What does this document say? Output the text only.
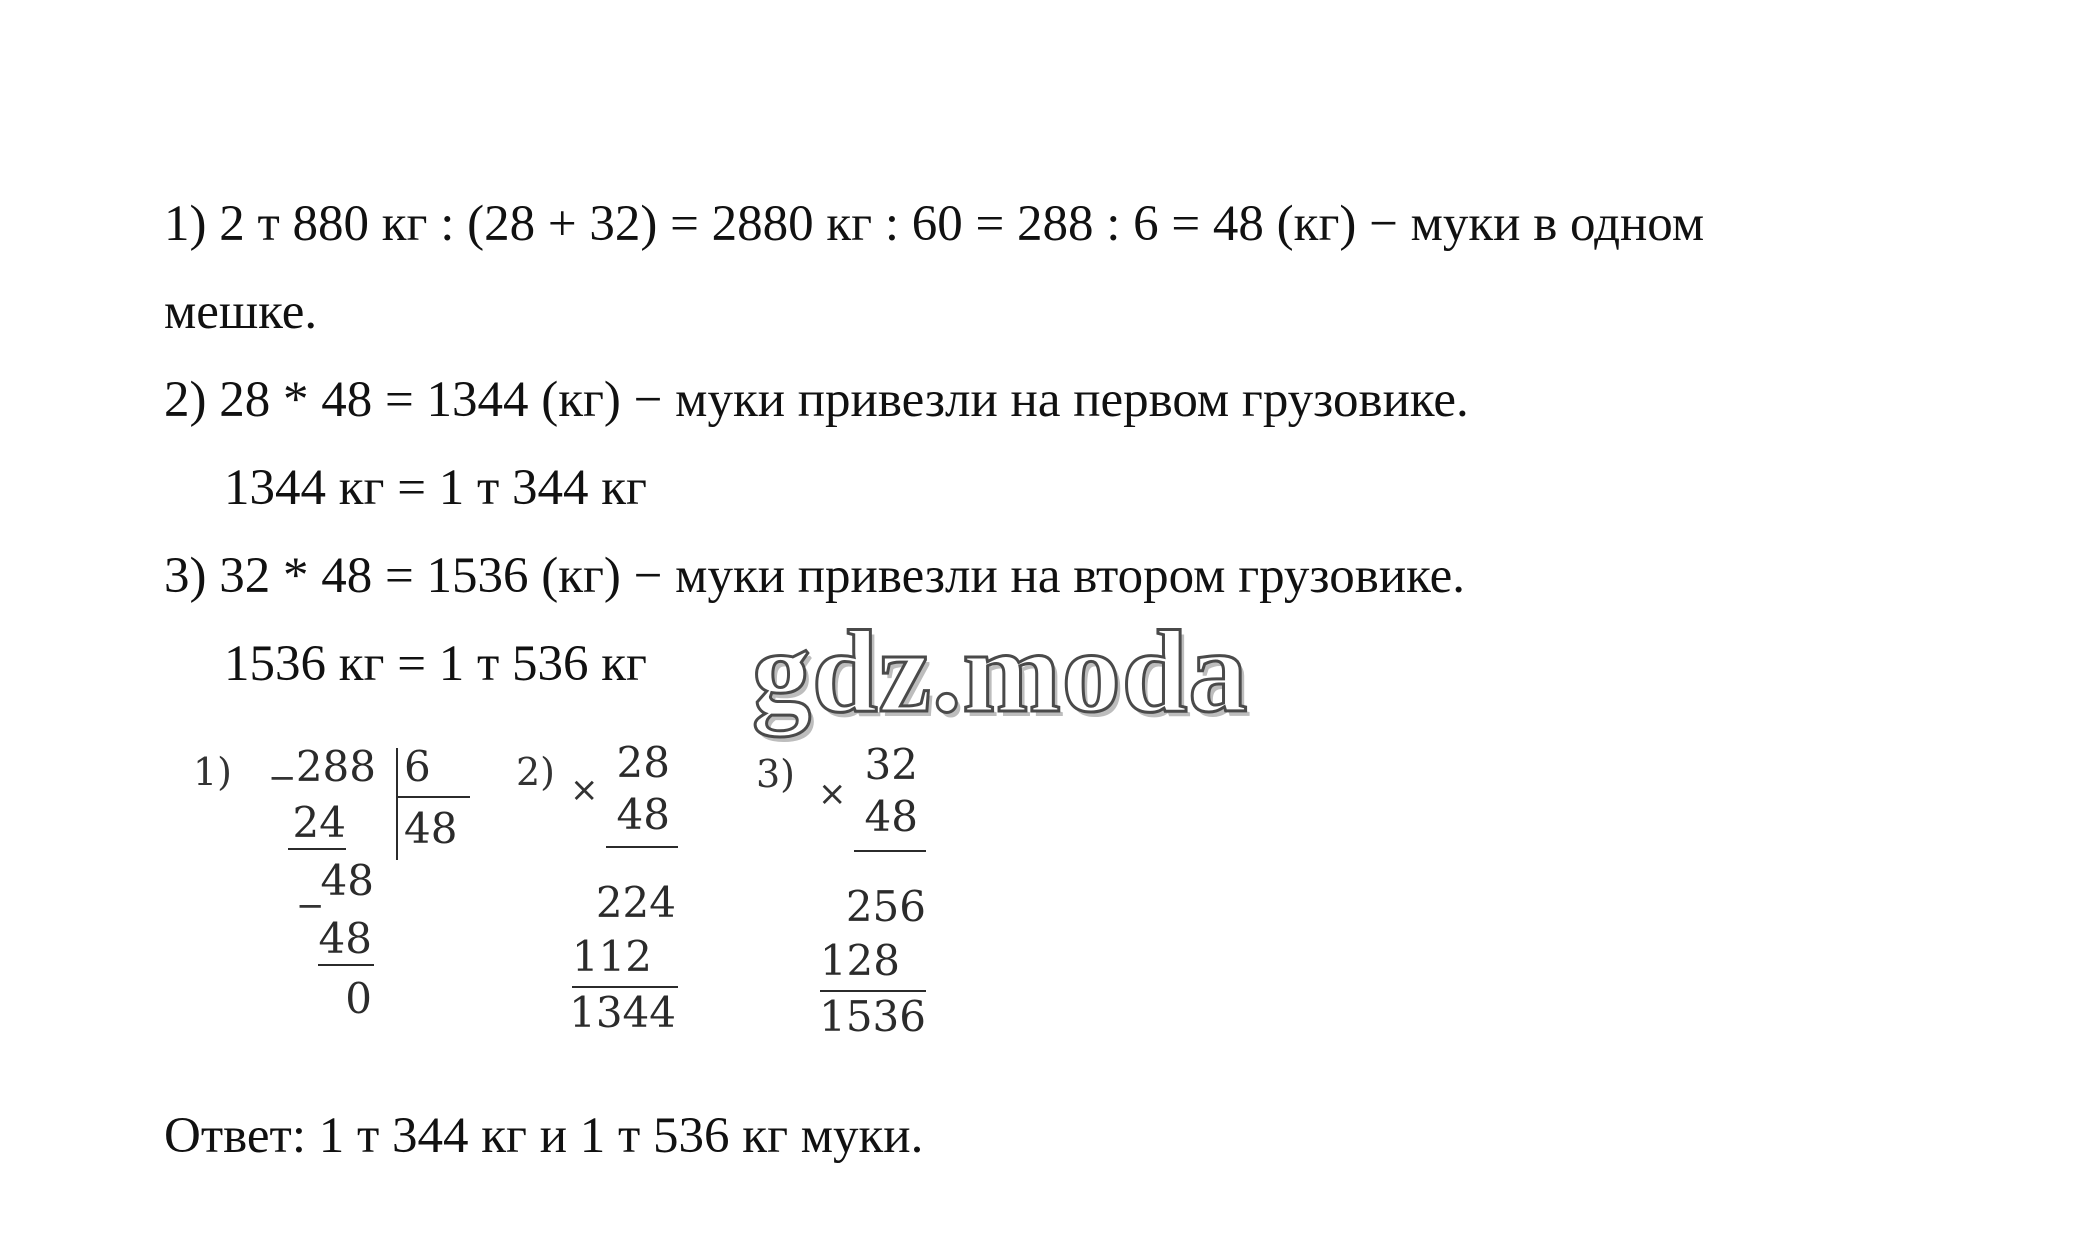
1) 2 т 880 кг : (28 + 32) = 2880 кг : 60 = 288 : 6 = 48 (кг) − муки в одном
мешке.
2) 28 * 48 = 1344 (кг) − муки привезли на первом грузовике.
1344 кг = 1 т 344 кг
3) 32 * 48 = 1536 (кг) − муки привезли на втором грузовике.
1536 кг = 1 т 536 кг gdz.moda
1) − 288 6
48
24
−
48
48
0
2) ×
28
48
224
112
1344
3) ×
32
48
256
128
1536
Ответ: 1 т 344 кг и 1 т 536 кг муки.
